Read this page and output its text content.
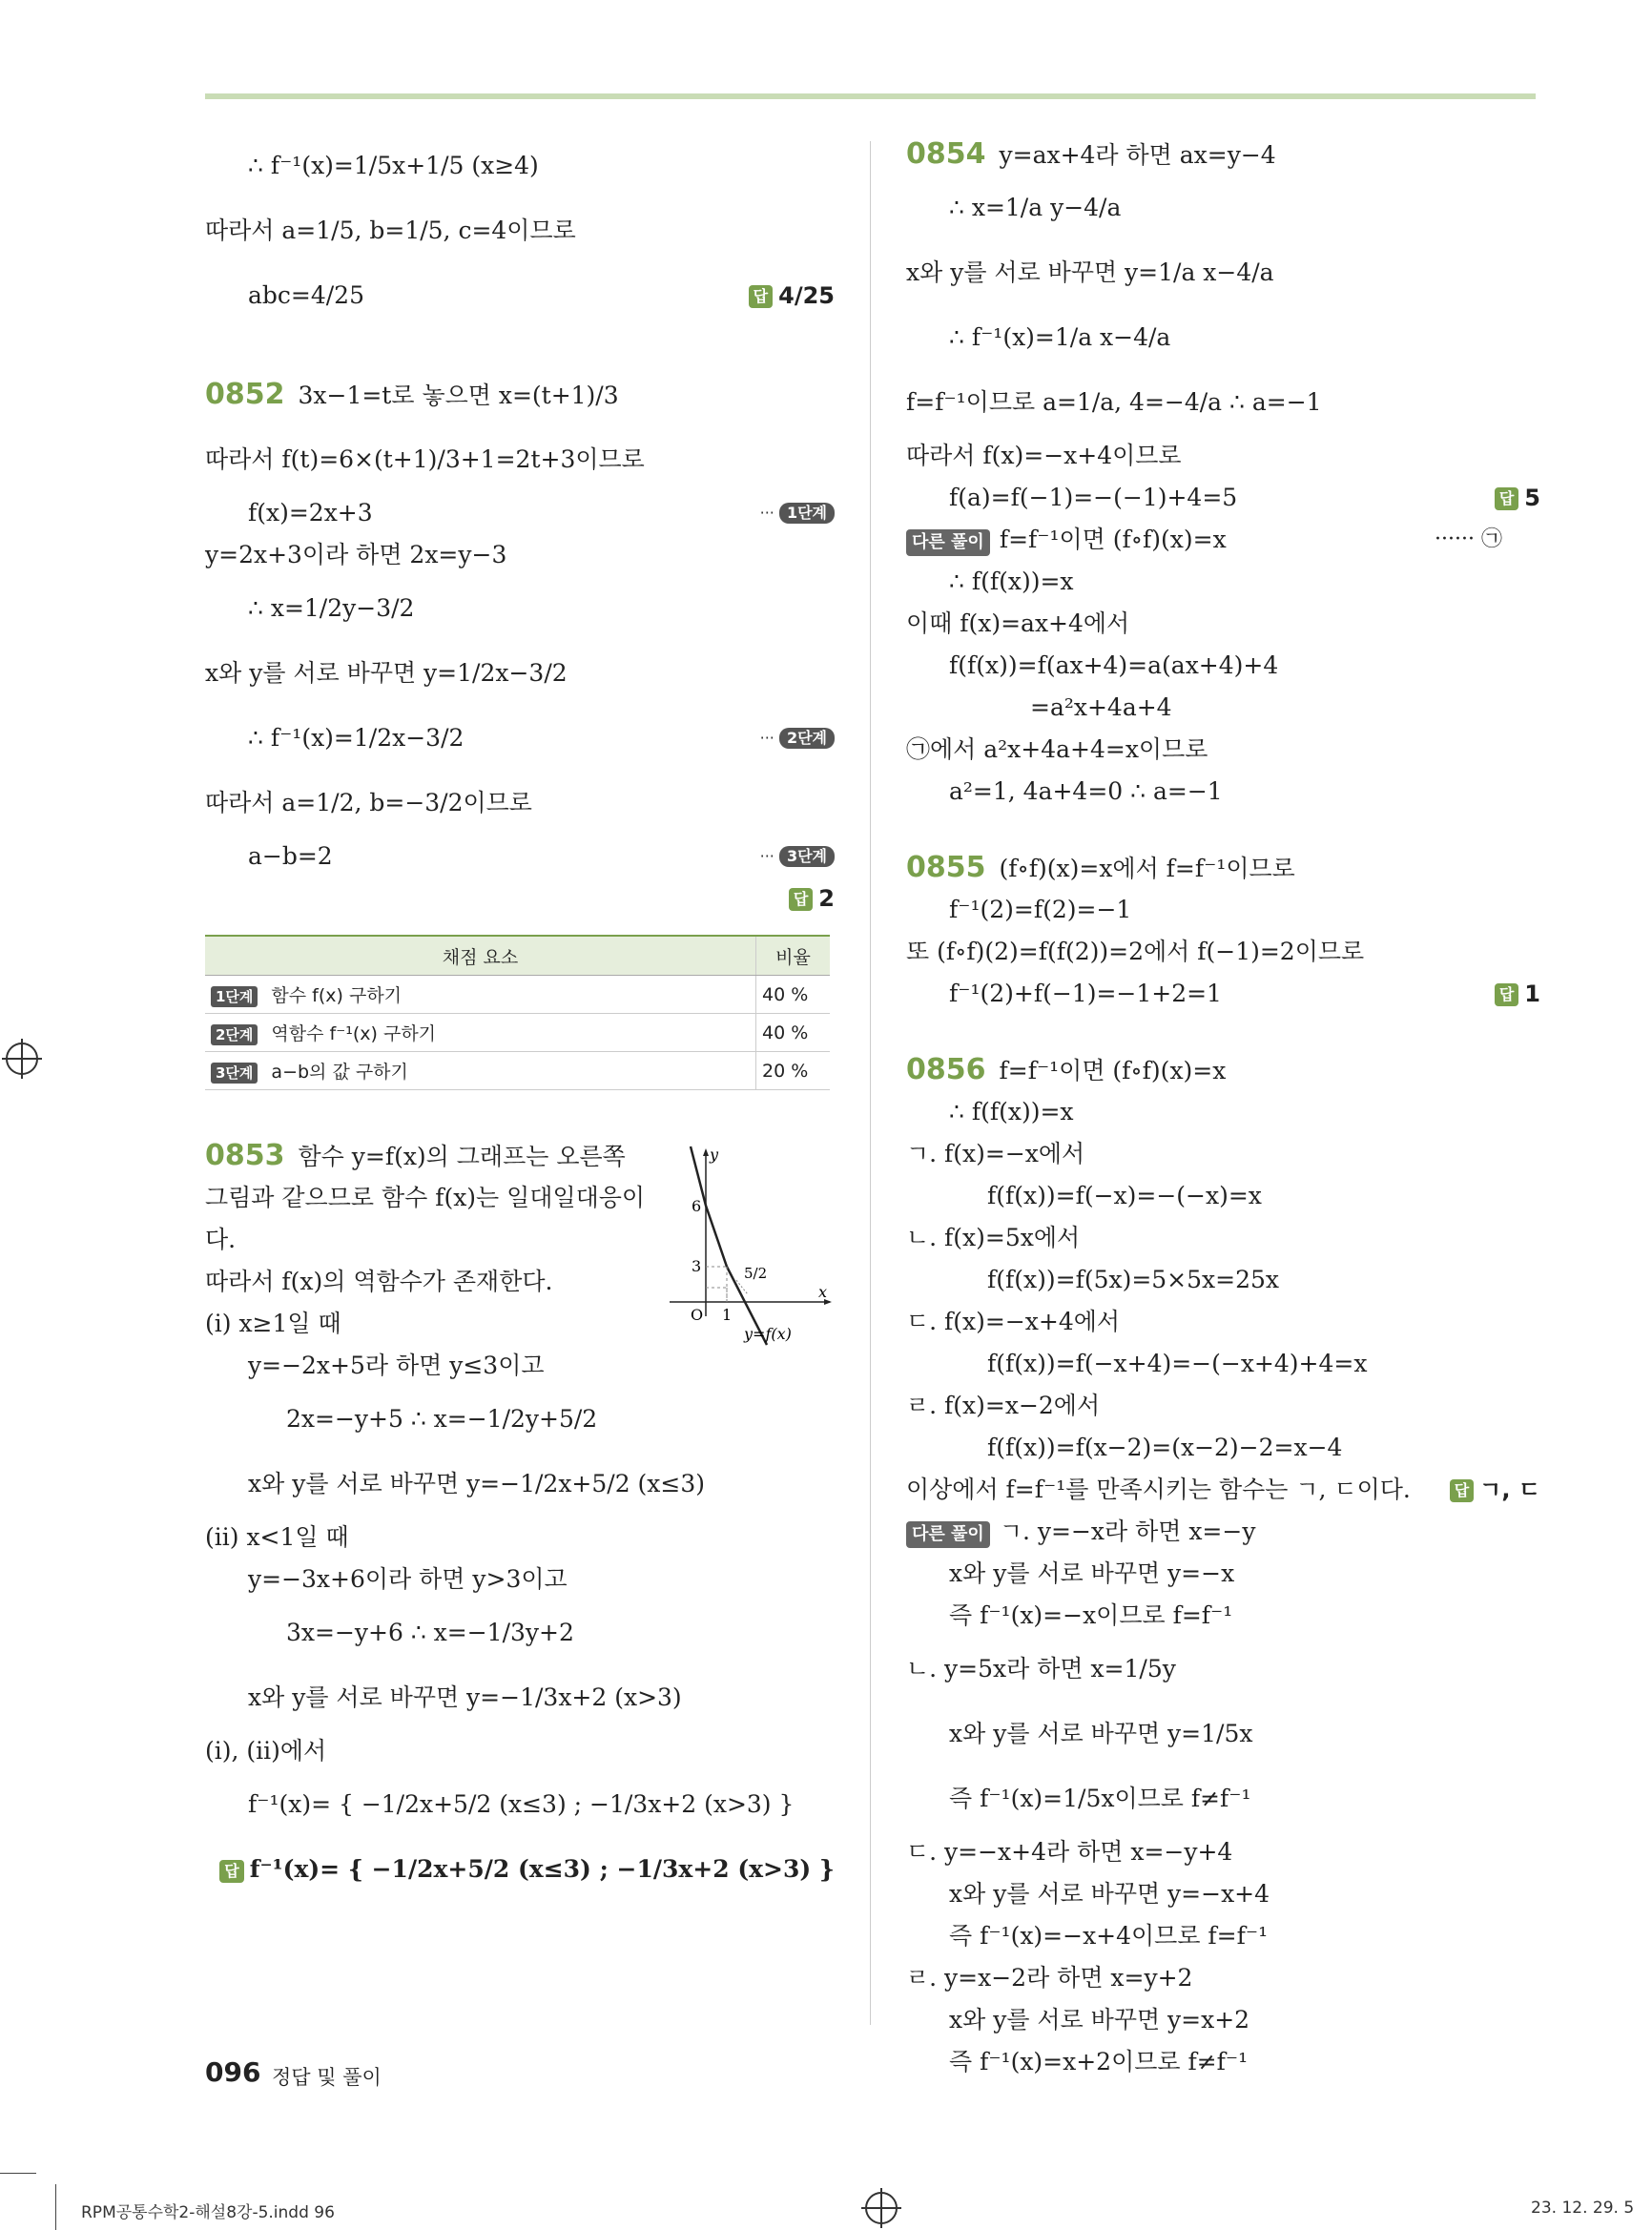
∴ f⁻¹(x)=1/5x+1/5 (x≥4)
따라서 a=1/5, b=1/5, c=4이므로
abc=4/25	답 4/25
0852 3x−1=t로 놓으면 x=(t+1)/3
따라서 f(t)=6×(t+1)/3+1=2t+3이므로
f(x)=2x+3	··· 1단계
y=2x+3이라 하면 2x=y−3
∴ x=1/2y−3/2
x와 y를 서로 바꾸면 y=1/2x−3/2
∴ f⁻¹(x)=1/2x−3/2	··· 2단계
따라서 a=1/2, b=−3/2이므로
a−b=2	··· 3단계
답 2
0853 함수 y=f(x)의 그래프는 오른쪽
그림과 같으므로 함수 f(x)는 일대일대응이
다.
따라서 f(x)의 역함수가 존재한다.
(i) x≥1일 때
y=−2x+5라 하면 y≤3이고
2x=−y+5 ∴ x=−1/2y+5/2
x와 y를 서로 바꾸면 y=−1/2x+5/2 (x≤3)
(ii) x<1일 때
y=−3x+6이라 하면 y>3이고
3x=−y+6 ∴ x=−1/3y+2
x와 y를 서로 바꾸면 y=−1/3x+2 (x>3)
(i), (ii)에서
f⁻¹(x)= { −1/2x+5/2 (x≤3) ; −1/3x+2 (x>3) }
답 f⁻¹(x)= { −1/2x+5/2 (x≤3) ; −1/3x+2 (x>3) }
채점 요소	비율
1단계 함수 f(x) 구하기	40 %
2단계 역함수 f⁻¹(x) 구하기	40 %
3단계 a−b의 값 구하기	20 %
y
x
O 1
6
3	5/2
y=f(x)
0854 y=ax+4라 하면 ax=y−4
∴ x=1/a y−4/a
x와 y를 서로 바꾸면 y=1/a x−4/a
∴ f⁻¹(x)=1/a x−4/a
f=f⁻¹이므로 a=1/a, 4=−4/a ∴ a=−1
따라서 f(x)=−x+4이므로
f(a)=f(−1)=−(−1)+4=5	답 5
다른 풀이 f=f⁻¹이면 (f∘f)(x)=x	······ ㉠
∴ f(f(x))=x
이때 f(x)=ax+4에서
f(f(x))=f(ax+4)=a(ax+4)+4
=a²x+4a+4
㉠에서 a²x+4a+4=x이므로
a²=1, 4a+4=0 ∴ a=−1
0855 (f∘f)(x)=x에서 f=f⁻¹이므로
f⁻¹(2)=f(2)=−1
또 (f∘f)(2)=f(f(2))=2에서 f(−1)=2이므로
f⁻¹(2)+f(−1)=−1+2=1	답 1
0856 f=f⁻¹이면 (f∘f)(x)=x
∴ f(f(x))=x
ㄱ. f(x)=−x에서
f(f(x))=f(−x)=−(−x)=x
ㄴ. f(x)=5x에서
f(f(x))=f(5x)=5×5x=25x
ㄷ. f(x)=−x+4에서
f(f(x))=f(−x+4)=−(−x+4)+4=x
ㄹ. f(x)=x−2에서
f(f(x))=f(x−2)=(x−2)−2=x−4
이상에서 f=f⁻¹를 만족시키는 함수는 ㄱ, ㄷ이다.	답 ㄱ, ㄷ
다른 풀이 ㄱ. y=−x라 하면 x=−y
x와 y를 서로 바꾸면 y=−x
즉 f⁻¹(x)=−x이므로 f=f⁻¹
ㄴ. y=5x라 하면 x=1/5y
x와 y를 서로 바꾸면 y=1/5x
즉 f⁻¹(x)=1/5x이므로 f≠f⁻¹
ㄷ. y=−x+4라 하면 x=−y+4
x와 y를 서로 바꾸면 y=−x+4
즉 f⁻¹(x)=−x+4이므로 f=f⁻¹
ㄹ. y=x−2라 하면 x=y+2
x와 y를 서로 바꾸면 y=x+2
즉 f⁻¹(x)=x+2이므로 f≠f⁻¹
096 정답 및 풀이
RPM공통수학2-해설8강-5.indd 96	23. 12. 29. 5
